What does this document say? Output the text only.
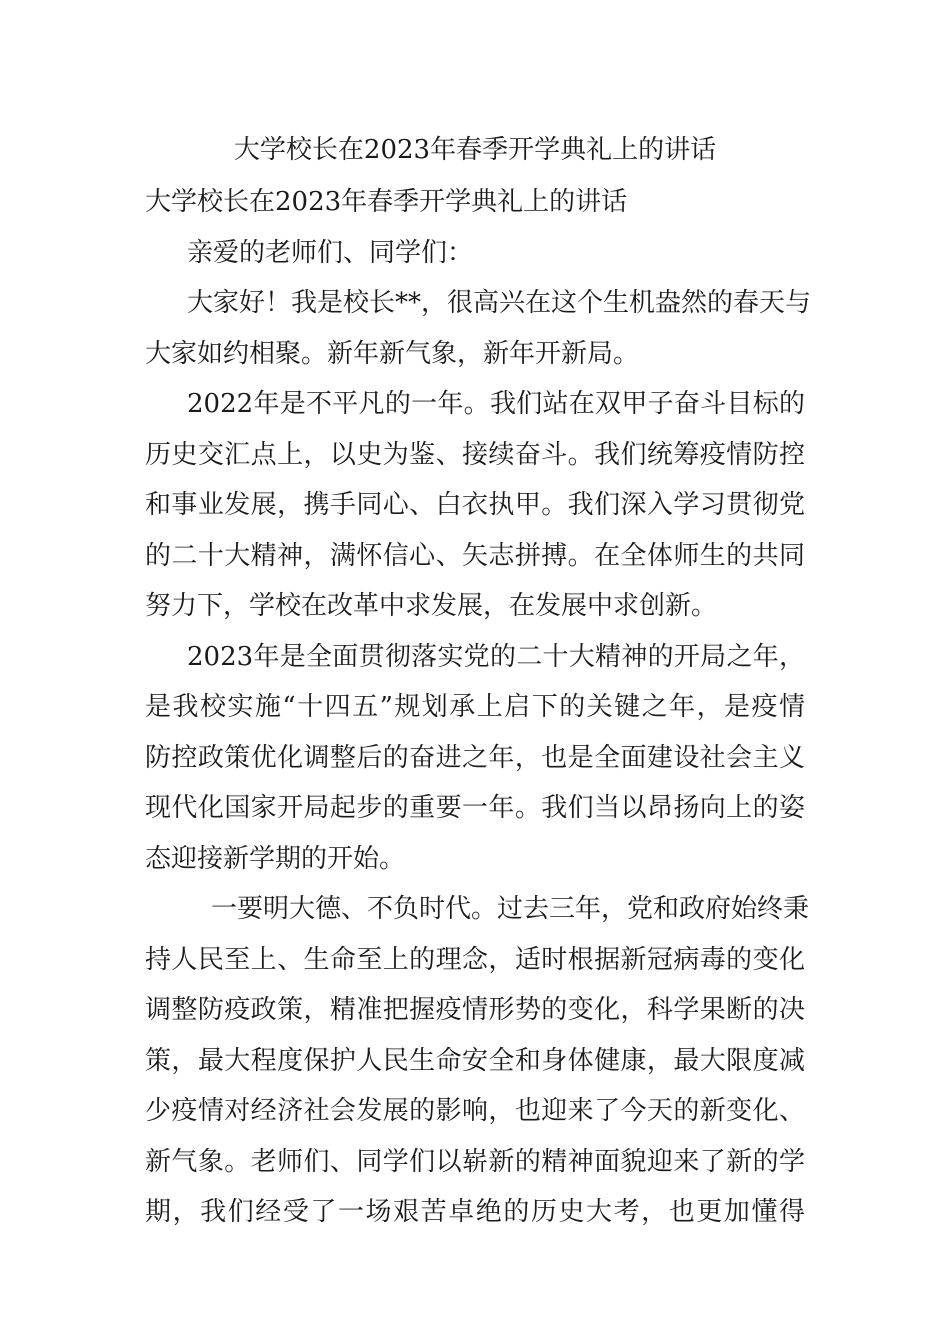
大学校长在2023年春季开学典礼上的讲话
大学校长在2023年春季开学典礼上的讲话
亲爱的老师们、同学们：
大家好！我是校长**，很高兴在这个生机盎然的春天与
大家如约相聚。新年新气象，新年开新局。
2022年是不平凡的一年。我们站在双甲子奋斗目标的
历史交汇点上，以史为鉴、接续奋斗。我们统筹疫情防控
和事业发展，携手同心、白衣执甲。我们深入学习贯彻党
的二十大精神，满怀信心、矢志拼搏。在全体师生的共同
努力下，学校在改革中求发展，在发展中求创新。
2023年是全面贯彻落实党的二十大精神的开局之年，
是我校实施“十四五”规划承上启下的关键之年，是疫情
防控政策优化调整后的奋进之年，也是全面建设社会主义
现代化国家开局起步的重要一年。我们当以昂扬向上的姿
态迎接新学期的开始。
一要明大德、不负时代。过去三年，党和政府始终秉
持人民至上、生命至上的理念，适时根据新冠病毒的变化
调整防疫政策，精准把握疫情形势的变化，科学果断的决
策，最大程度保护人民生命安全和身体健康，最大限度减
少疫情对经济社会发展的影响，也迎来了今天的新变化、
新气象。老师们、同学们以崭新的精神面貌迎来了新的学
期，我们经受了一场艰苦卓绝的历史大考，也更加懂得
